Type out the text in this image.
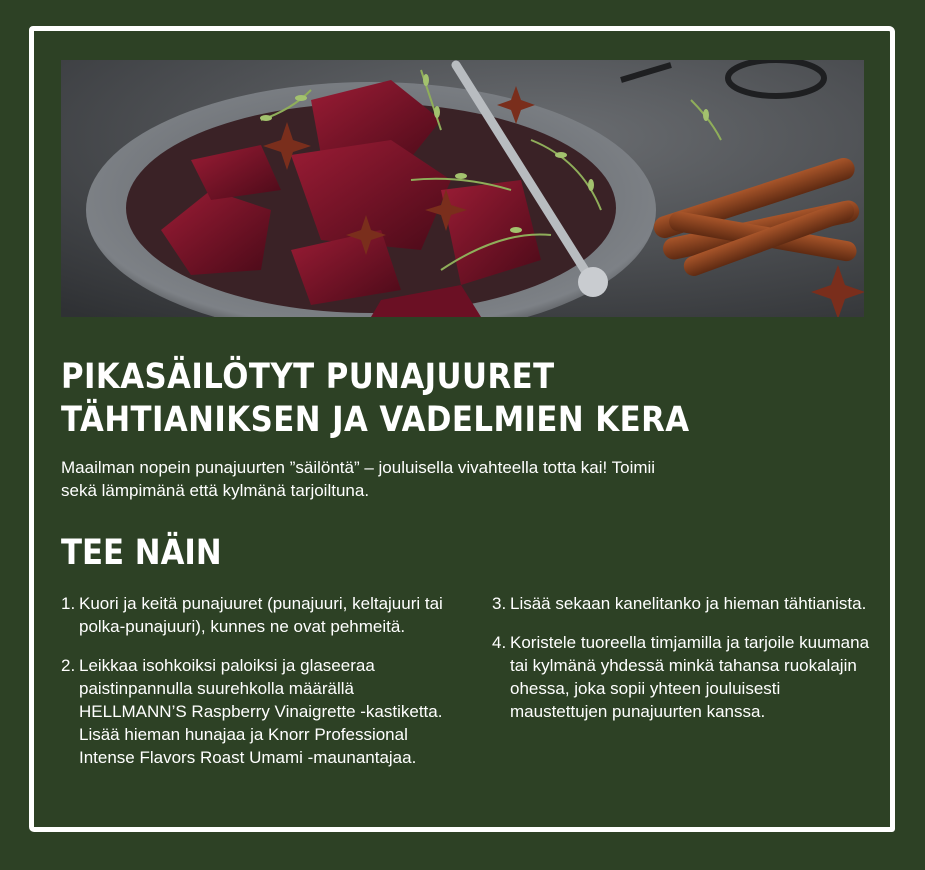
PIKASÄILÖTYT PUNAJUURET
TÄHTIANIKSEN JA VADELMIEN KERA
Maailman nopein punajuurten ”säilöntä” – jouluisella vivahteella totta kai! Toimii sekä lämpimänä että kylmänä tarjoiltuna.
TEE NÄIN
1. Kuori ja keitä punajuuret (punajuuri, keltajuuri tai polka-punajuuri), kunnes ne ovat pehmeitä.
2. Leikkaa isohkoiksi paloiksi ja glaseeraa paistinpannulla suurehkolla määrällä HELLMANN’S Raspberry Vinaigrette -kastiketta. Lisää hieman hunajaa ja Knorr Professional Intense Flavors Roast Umami -maunantajaa.
3. Lisää sekaan kanelitanko ja hieman tähtianista.
4. Koristele tuoreella timjamilla ja tarjoile kuumana tai kylmänä yhdessä minkä tahansa ruokalajin ohessa, joka sopii yhteen jouluisesti maustettujen punajuurten kanssa.
